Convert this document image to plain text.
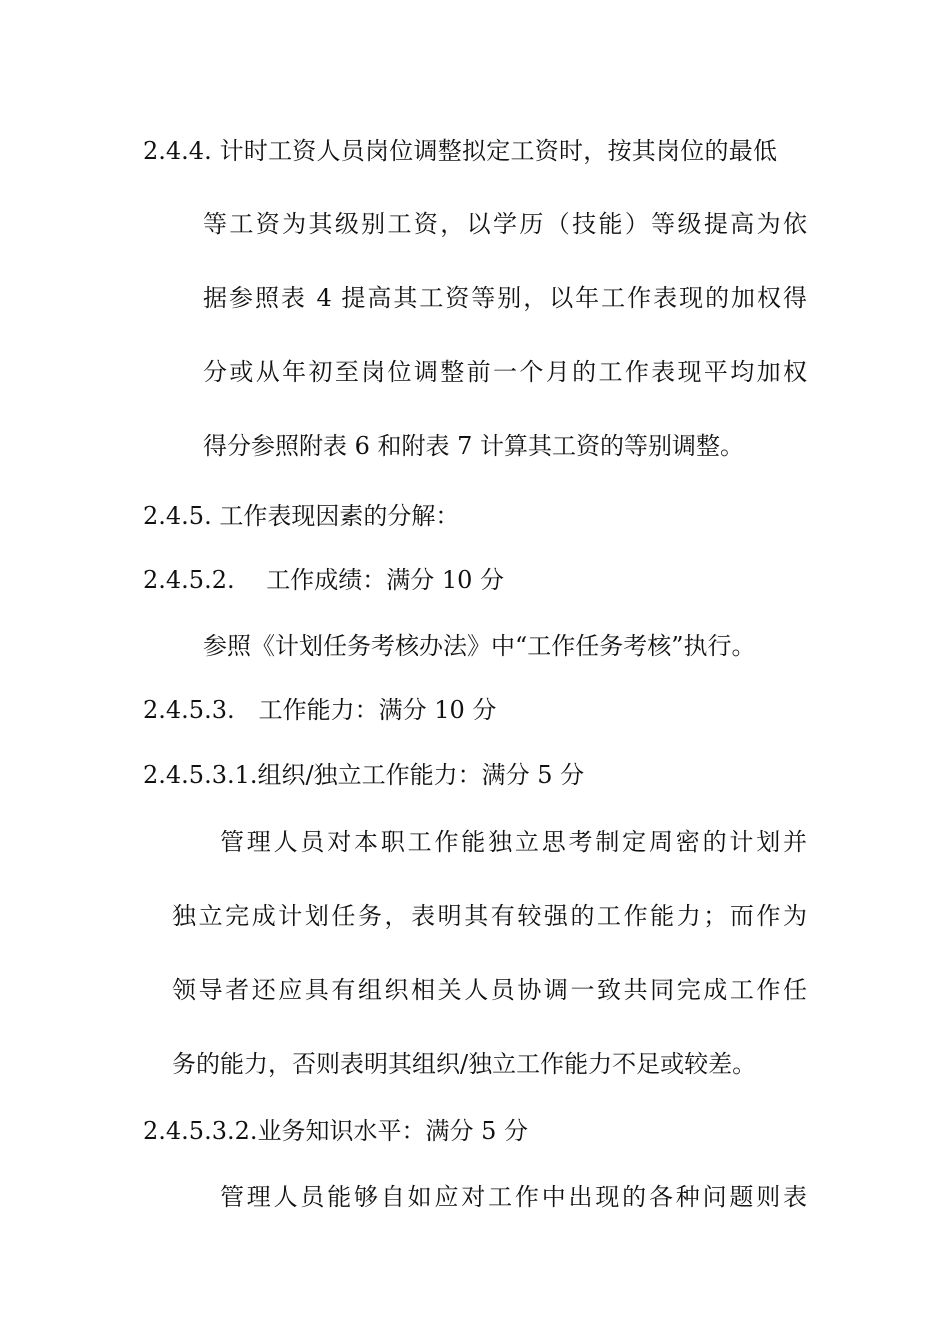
2.4.4. 计时工资人员岗位调整拟定工资时，按其岗位的最低
等工资为其级别工资，以学历（技能）等级提高为依
据参照表 4 提高其工资等别，以年工作表现的加权得
分或从年初至岗位调整前一个月的工作表现平均加权
得分参照附表 6 和附表 7 计算其工资的等别调整。
2.4.5. 工作表现因素的分解：
2.4.5.2.　 工作成绩：满分 10 分
参照《计划任务考核办法》中“工作任务考核”执行。
2.4.5.3.　工作能力：满分 10 分
2.4.5.3.1.组织/独立工作能力：满分 5 分
管理人员对本职工作能独立思考制定周密的计划并
独立完成计划任务，表明其有较强的工作能力；而作为
领导者还应具有组织相关人员协调一致共同完成工作任
务的能力，否则表明其组织/独立工作能力不足或较差。
2.4.5.3.2.业务知识水平：满分 5 分
管理人员能够自如应对工作中出现的各种问题则表
